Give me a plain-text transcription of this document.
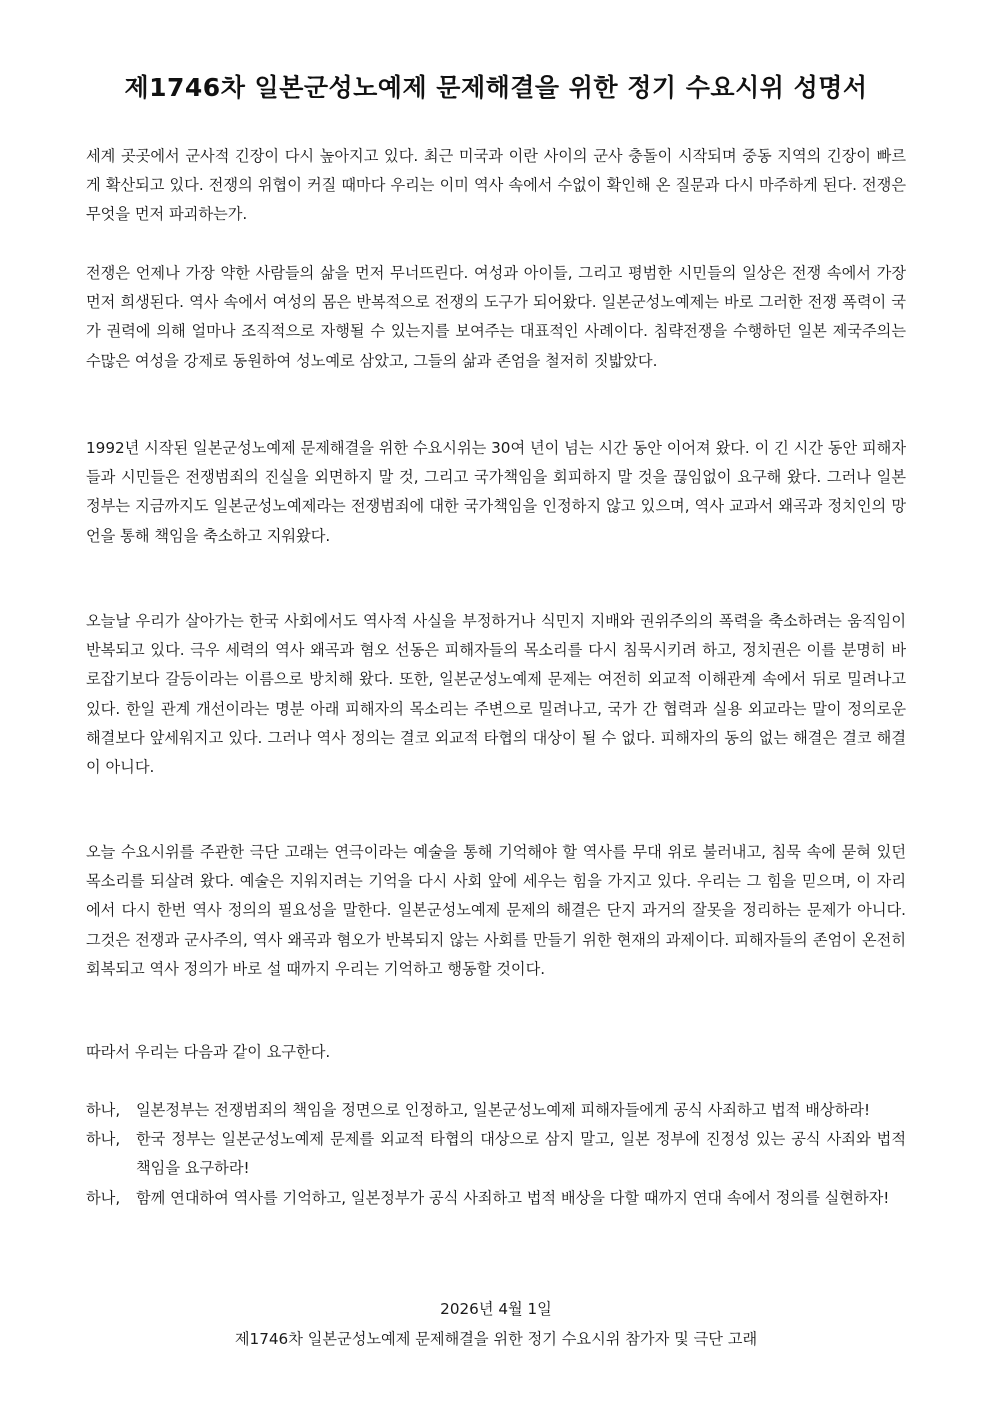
제1746차 일본군성노예제 문제해결을 위한 정기 수요시위 성명서

세계 곳곳에서 군사적 긴장이 다시 높아지고 있다. 최근 미국과 이란 사이의 군사 충돌이 시작되며 중동 지역의 긴장이 빠르게 확산되고 있다. 전쟁의 위협이 커질 때마다 우리는 이미 역사 속에서 수없이 확인해 온 질문과 다시 마주하게 된다. 전쟁은 무엇을 먼저 파괴하는가.

전쟁은 언제나 가장 약한 사람들의 삶을 먼저 무너뜨린다. 여성과 아이들, 그리고 평범한 시민들의 일상은 전쟁 속에서 가장 먼저 희생된다. 역사 속에서 여성의 몸은 반복적으로 전쟁의 도구가 되어왔다. 일본군성노예제는 바로 그러한 전쟁 폭력이 국가 권력에 의해 얼마나 조직적으로 자행될 수 있는지를 보여주는 대표적인 사례이다. 침략전쟁을 수행하던 일본 제국주의는 수많은 여성을 강제로 동원하여 성노예로 삼았고, 그들의 삶과 존엄을 철저히 짓밟았다.

1992년 시작된 일본군성노예제 문제해결을 위한 수요시위는 30여 년이 넘는 시간 동안 이어져 왔다. 이 긴 시간 동안 피해자들과 시민들은 전쟁범죄의 진실을 외면하지 말 것, 그리고 국가책임을 회피하지 말 것을 끊임없이 요구해 왔다. 그러나 일본 정부는 지금까지도 일본군성노예제라는 전쟁범죄에 대한 국가책임을 인정하지 않고 있으며, 역사 교과서 왜곡과 정치인의 망언을 통해 책임을 축소하고 지워왔다.

오늘날 우리가 살아가는 한국 사회에서도 역사적 사실을 부정하거나 식민지 지배와 권위주의의 폭력을 축소하려는 움직임이 반복되고 있다. 극우 세력의 역사 왜곡과 혐오 선동은 피해자들의 목소리를 다시 침묵시키려 하고, 정치권은 이를 분명히 바로잡기보다 갈등이라는 이름으로 방치해 왔다. 또한, 일본군성노예제 문제는 여전히 외교적 이해관계 속에서 뒤로 밀려나고 있다. 한일 관계 개선이라는 명분 아래 피해자의 목소리는 주변으로 밀려나고, 국가 간 협력과 실용 외교라는 말이 정의로운 해결보다 앞세워지고 있다. 그러나 역사 정의는 결코 외교적 타협의 대상이 될 수 없다. 피해자의 동의 없는 해결은 결코 해결이 아니다.

오늘 수요시위를 주관한 극단 고래는 연극이라는 예술을 통해 기억해야 할 역사를 무대 위로 불러내고, 침묵 속에 묻혀 있던 목소리를 되살려 왔다. 예술은 지워지려는 기억을 다시 사회 앞에 세우는 힘을 가지고 있다. 우리는 그 힘을 믿으며, 이 자리에서 다시 한번 역사 정의의 필요성을 말한다. 일본군성노예제 문제의 해결은 단지 과거의 잘못을 정리하는 문제가 아니다. 그것은 전쟁과 군사주의, 역사 왜곡과 혐오가 반복되지 않는 사회를 만들기 위한 현재의 과제이다. 피해자들의 존엄이 온전히 회복되고 역사 정의가 바로 설 때까지 우리는 기억하고 행동할 것이다.

따라서 우리는 다음과 같이 요구한다.

하나, 일본정부는 전쟁범죄의 책임을 정면으로 인정하고, 일본군성노예제 피해자들에게 공식 사죄하고 법적 배상하라!
하나, 한국 정부는 일본군성노예제 문제를 외교적 타협의 대상으로 삼지 말고, 일본 정부에 진정성 있는 공식 사죄와 법적 책임을 요구하라!
하나, 함께 연대하여 역사를 기억하고, 일본정부가 공식 사죄하고 법적 배상을 다할 때까지 연대 속에서 정의를 실현하자!
2026년 4월 1일
제1746차 일본군성노예제 문제해결을 위한 정기 수요시위 참가자 및 극단 고래
